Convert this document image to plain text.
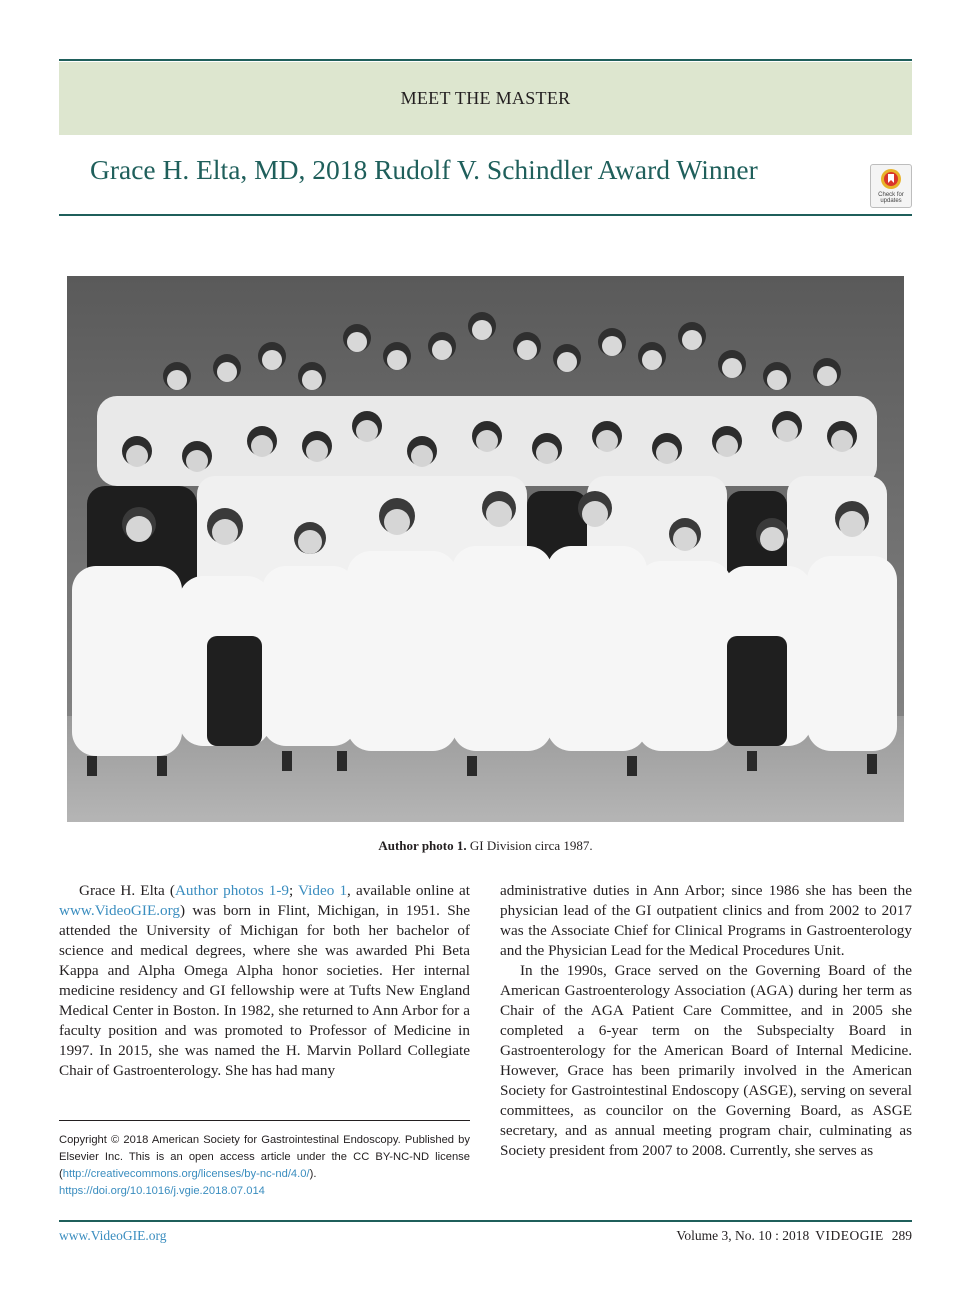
MEET THE MASTER
Grace H. Elta, MD, 2018 Rudolf V. Schindler Award Winner
Check for updates
Author photo 1. GI Division circa 1987.

Grace H. Elta (Author photos 1-9; Video 1, available online at www.VideoGIE.org) was born in Flint, Michigan, in 1951. She attended the University of Michigan for both her bachelor of science and medical degrees, where she was awarded Phi Beta Kappa and Alpha Omega Alpha honor societies. Her internal medicine residency and GI fellowship were at Tufts New England Medical Center in Boston. In 1982, she returned to Ann Arbor for a faculty position and was promoted to Professor of Medicine in 1997. In 2015, she was named the H. Marvin Pollard Collegiate Chair of Gastroenterology. She has had many

administrative duties in Ann Arbor; since 1986 she has been the physician lead of the GI outpatient clinics and from 2002 to 2017 was the Associate Chief for Clinical Programs in Gastroenterology and the Physician Lead for the Medical Procedures Unit.

In the 1990s, Grace served on the Governing Board of the American Gastroenterology Association (AGA) during her term as Chair of the AGA Patient Care Committee, and in 2005 she completed a 6-year term on the Subspecialty Board in Gastroenterology for the American Board of Internal Medicine. However, Grace has been primarily involved in the American Society for Gastrointestinal Endoscopy (ASGE), serving on several committees, as councilor on the Governing Board, as ASGE secretary, and as annual meeting program chair, culminating as Society president from 2007 to 2008. Currently, she serves as

Copyright © 2018 American Society for Gastrointestinal Endoscopy. Published by Elsevier Inc. This is an open access article under the CC BY-NC-ND license (http://creativecommons.org/licenses/by-nc-nd/4.0/).
https://doi.org/10.1016/j.vgie.2018.07.014
www.VideoGIE.org	Volume 3, No. 10 : 2018 VIDEOGIE 289
